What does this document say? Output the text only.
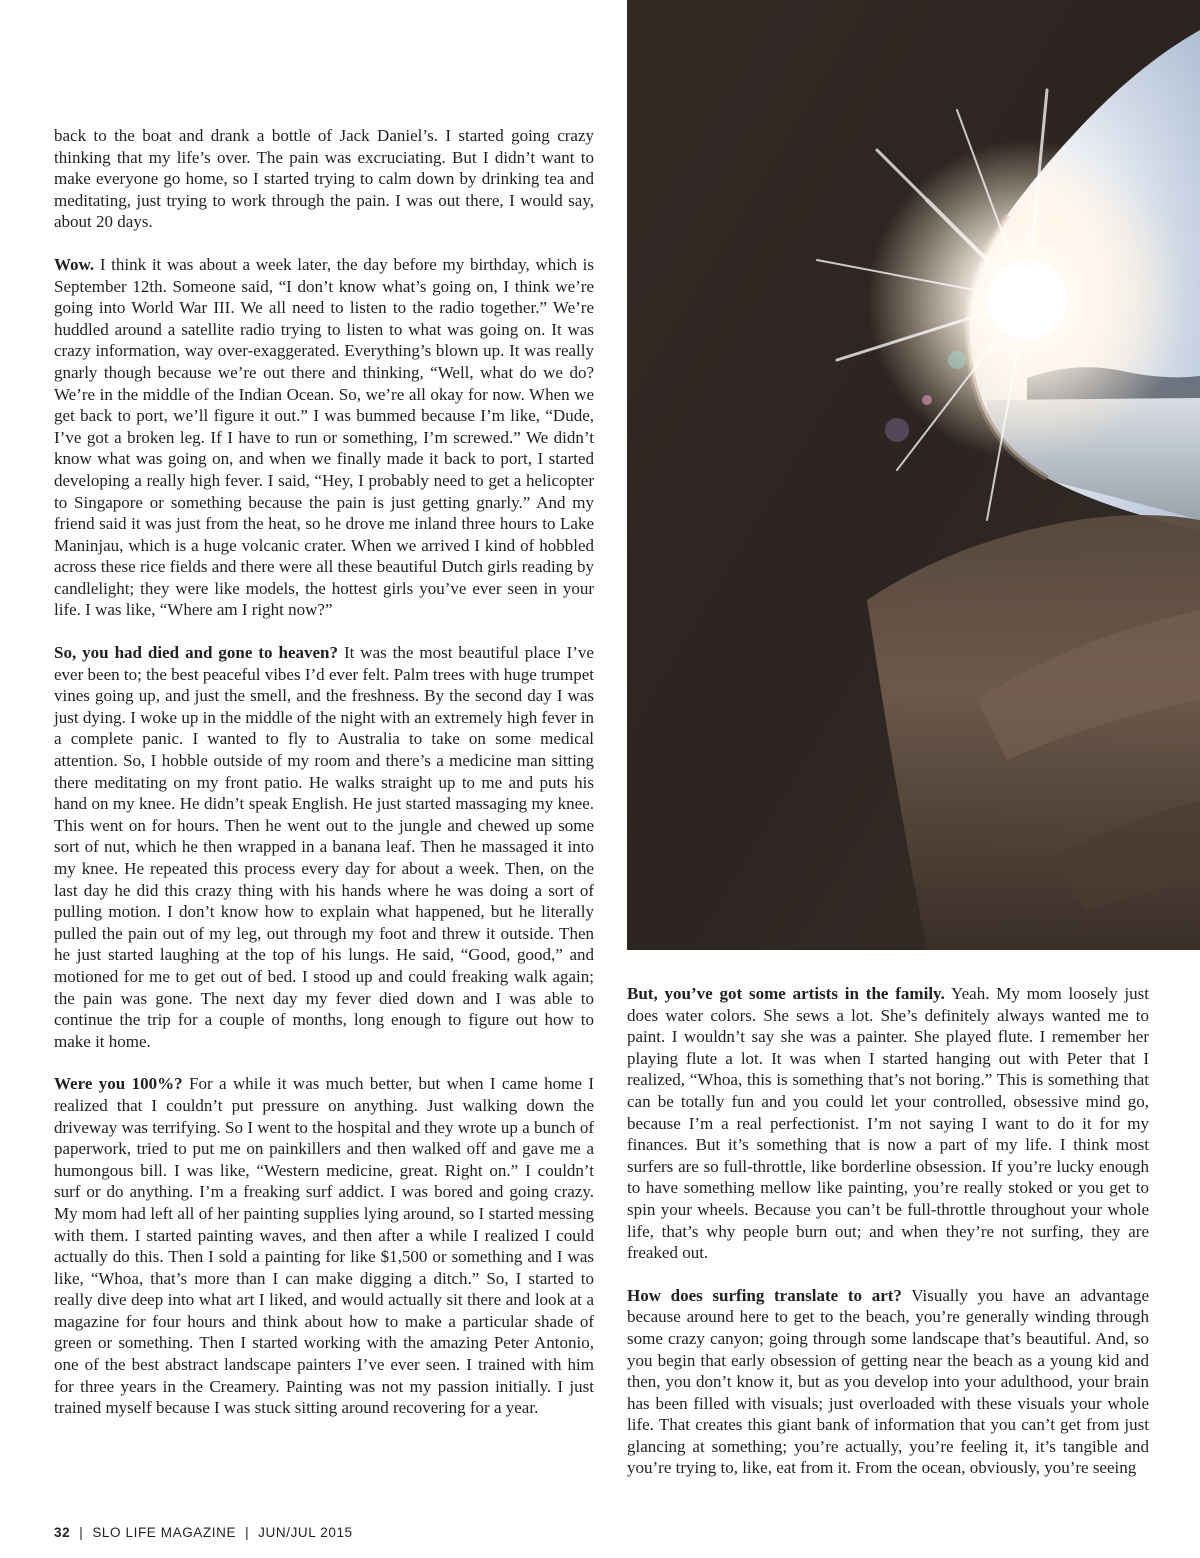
back to the boat and drank a bottle of Jack Daniel’s. I started going crazy thinking that my life’s over. The pain was excruciating. But I didn’t want to make everyone go home, so I started trying to calm down by drinking tea and meditating, just trying to work through the pain. I was out there, I would say, about 20 days.

Wow. I think it was about a week later, the day before my birthday, which is September 12th. Someone said, “I don’t know what’s going on, I think we’re going into World War III. We all need to listen to the radio together.” We’re huddled around a satellite radio trying to listen to what was going on. It was crazy information, way over-exaggerated. Everything’s blown up. It was really gnarly though because we’re out there and thinking, “Well, what do we do? We’re in the middle of the Indian Ocean. So, we’re all okay for now. When we get back to port, we’ll figure it out.” I was bummed because I’m like, “Dude, I’ve got a broken leg. If I have to run or something, I’m screwed.” We didn’t know what was going on, and when we finally made it back to port, I started developing a really high fever. I said, “Hey, I probably need to get a helicopter to Singapore or something because the pain is just getting gnarly.” And my friend said it was just from the heat, so he drove me inland three hours to Lake Maninjau, which is a huge volcanic crater. When we arrived I kind of hobbled across these rice fields and there were all these beautiful Dutch girls reading by candlelight; they were like models, the hottest girls you’ve ever seen in your life. I was like, “Where am I right now?”

So, you had died and gone to heaven? It was the most beautiful place I’ve ever been to; the best peaceful vibes I’d ever felt. Palm trees with huge trumpet vines going up, and just the smell, and the freshness. By the second day I was just dying. I woke up in the middle of the night with an extremely high fever in a complete panic. I wanted to fly to Australia to take on some medical attention. So, I hobble outside of my room and there’s a medicine man sitting there meditating on my front patio. He walks straight up to me and puts his hand on my knee. He didn’t speak English. He just started massaging my knee. This went on for hours. Then he went out to the jungle and chewed up some sort of nut, which he then wrapped in a banana leaf. Then he massaged it into my knee. He repeated this process every day for about a week. Then, on the last day he did this crazy thing with his hands where he was doing a sort of pulling motion. I don’t know how to explain what happened, but he literally pulled the pain out of my leg, out through my foot and threw it outside. Then he just started laughing at the top of his lungs. He said, “Good, good,” and motioned for me to get out of bed. I stood up and could freaking walk again; the pain was gone. The next day my fever died down and I was able to continue the trip for a couple of months, long enough to figure out how to make it home.

Were you 100%? For a while it was much better, but when I came home I realized that I couldn’t put pressure on anything. Just walking down the driveway was terrifying. So I went to the hospital and they wrote up a bunch of paperwork, tried to put me on painkillers and then walked off and gave me a humongous bill. I was like, “Western medicine, great. Right on.” I couldn’t surf or do anything. I’m a freaking surf addict. I was bored and going crazy. My mom had left all of her painting supplies lying around, so I started messing with them. I started painting waves, and then after a while I realized I could actually do this. Then I sold a painting for like $1,500 or something and I was like, “Whoa, that’s more than I can make digging a ditch.” So, I started to really dive deep into what art I liked, and would actually sit there and look at a magazine for four hours and think about how to make a particular shade of green or something. Then I started working with the amazing Peter Antonio, one of the best abstract landscape painters I’ve ever seen. I trained with him for three years in the Creamery. Painting was not my passion initially. I just trained myself because I was stuck sitting around recovering for a year.

But, you’ve got some artists in the family. Yeah. My mom loosely just does water colors. She sews a lot. She’s definitely always wanted me to paint. I wouldn’t say she was a painter. She played flute. I remember her playing flute a lot. It was when I started hanging out with Peter that I realized, “Whoa, this is something that’s not boring.” This is something that can be totally fun and you could let your controlled, obsessive mind go, because I’m a real perfectionist. I’m not saying I want to do it for my finances. But it’s something that is now a part of my life. I think most surfers are so full-throttle, like borderline obsession. If you’re lucky enough to have something mellow like painting, you’re really stoked or you get to spin your wheels. Because you can’t be full-throttle throughout your whole life, that’s why people burn out; and when they’re not surfing, they are freaked out.

How does surfing translate to art? Visually you have an advantage because around here to get to the beach, you’re generally winding through some crazy canyon; going through some landscape that’s beautiful. And, so you begin that early obsession of getting near the beach as a young kid and then, you don’t know it, but as you develop into your adulthood, your brain has been filled with visuals; just overloaded with these visuals your whole life. That creates this giant bank of information that you can’t get from just glancing at something; you’re actually, you’re feeling it, it’s tangible and you’re trying to, like, eat from it. From the ocean, obviously, you’re seeing

32 | SLO LIFE MAGAZINE | JUN/JUL 2015
